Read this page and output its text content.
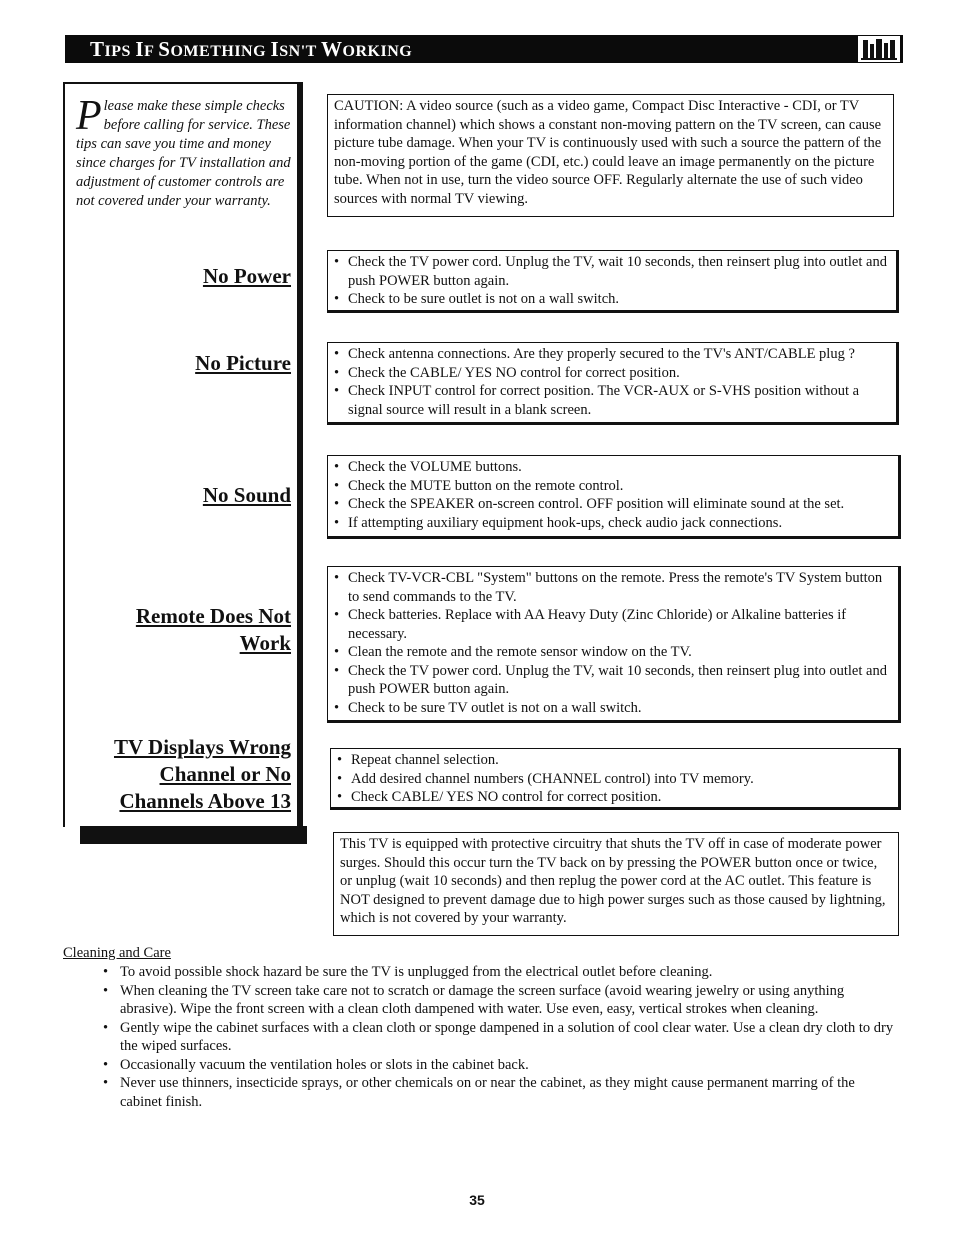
TIPS IF SOMETHING ISN'T WORKING
Please make these simple checks before calling for service. These tips can save you time and money since charges for TV installation and adjustment of customer controls are not covered under your warranty.
No Power
No Picture
No Sound
Remote Does Not
Work
TV Displays Wrong
Channel or No
Channels Above 13
CAUTION: A video source (such as a video game, Compact Disc Interactive - CDI, or TV information channel) which shows a constant non-moving pattern on the TV screen, can cause picture tube damage. When your TV is continuously used with such a source the pattern of the non-moving portion of the game (CDI, etc.) could leave an image permanently on the picture tube. When not in use, turn the video source OFF. Regularly alternate the use of such video sources with normal TV viewing.
• Check the TV power cord. Unplug the TV, wait 10 seconds, then reinsert plug into outlet and push POWER button again.
• Check to be sure outlet is not on a wall switch.
• Check antenna connections. Are they properly secured to the TV's ANT/CABLE plug ?
• Check the CABLE/ YES NO control for correct position.
• Check INPUT control for correct position. The VCR-AUX or S-VHS position without a signal source will result in a blank screen.
• Check the VOLUME buttons.
• Check the MUTE button on the remote control.
• Check the SPEAKER on-screen control. OFF position will eliminate sound at the set.
• If attempting auxiliary equipment hook-ups, check audio jack connections.
• Check TV-VCR-CBL "System" buttons on the remote. Press the remote's TV System button to send commands to the TV.
• Check batteries. Replace with AA Heavy Duty (Zinc Chloride) or Alkaline batteries if necessary.
• Clean the remote and the remote sensor window on the TV.
• Check the TV power cord. Unplug the TV, wait 10 seconds, then reinsert plug into outlet and push POWER button again.
• Check to be sure TV outlet is not on a wall switch.
• Repeat channel selection.
• Add desired channel numbers (CHANNEL control) into TV memory.
• Check CABLE/ YES NO control for correct position.
This TV is equipped with protective circuitry that shuts the TV off in case of moderate power surges. Should this occur turn the TV back on by pressing the POWER button once or twice, or unplug (wait 10 seconds) and then replug the power cord at the AC outlet. This feature is NOT designed to prevent damage due to high power surges such as those caused by lightning, which is not covered by your warranty.
Cleaning and Care
• To avoid possible shock hazard be sure the TV is unplugged from the electrical outlet before cleaning.
• When cleaning the TV screen take care not to scratch or damage the screen surface (avoid wearing jewelry or using anything abrasive). Wipe the front screen with a clean cloth dampened with water. Use even, easy, vertical strokes when cleaning.
• Gently wipe the cabinet surfaces with a clean cloth or sponge dampened in a solution of cool clear water. Use a clean dry cloth to dry the wiped surfaces.
• Occasionally vacuum the ventilation holes or slots in the cabinet back.
• Never use thinners, insecticide sprays, or other chemicals on or near the cabinet, as they might cause permanent marring of the cabinet finish.
35
